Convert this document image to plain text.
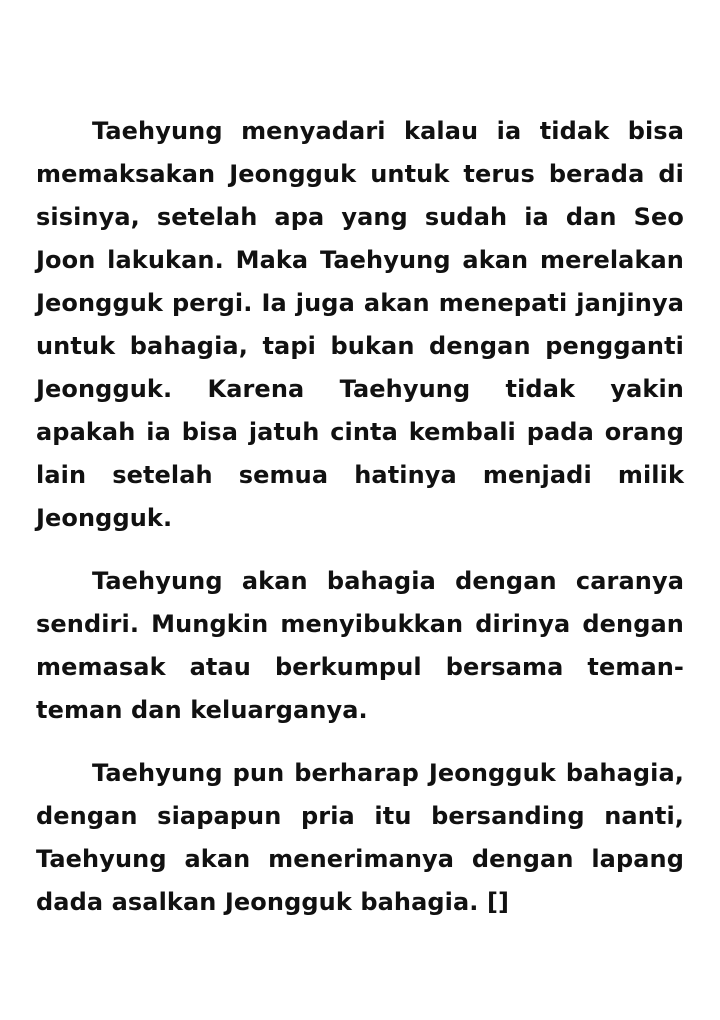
Taehyung menyadari kalau ia tidak bisa memaksakan Jeongguk untuk terus berada di sisinya, setelah apa yang sudah ia dan Seo Joon lakukan. Maka Taehyung akan merelakan Jeongguk pergi. Ia juga akan menepati janjinya untuk bahagia, tapi bukan dengan pengganti Jeongguk. Karena Taehyung tidak yakin apakah ia bisa jatuh cinta kembali pada orang lain setelah semua hatinya menjadi milik Jeongguk.

Taehyung akan bahagia dengan caranya sendiri. Mungkin menyibukkan dirinya dengan memasak atau berkumpul bersama teman-teman dan keluarganya.

Taehyung pun berharap Jeongguk bahagia, dengan siapapun pria itu bersanding nanti, Taehyung akan menerimanya dengan lapang dada asalkan Jeongguk bahagia. []
